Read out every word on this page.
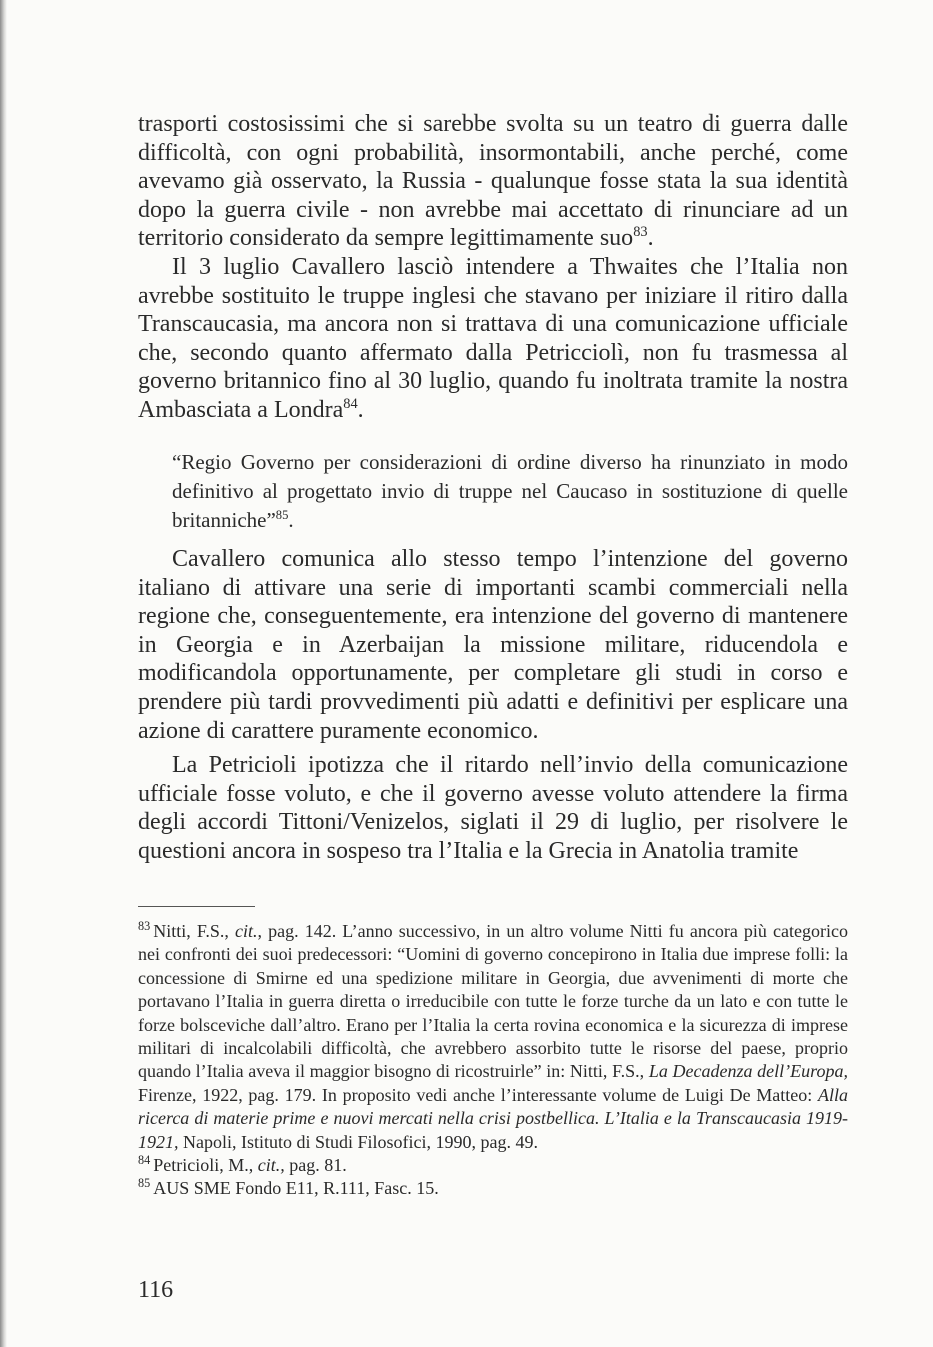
trasporti costosissimi che si sarebbe svolta su un teatro di guerra dalle difficoltà, con ogni probabilità, insormontabili, anche perché, come avevamo già osservato, la Russia - qualunque fosse stata la sua identità dopo la guerra civile - non avrebbe mai accettato di rinunciare ad un territorio considerato da sempre legittimamente suo$^{83}$.

Il 3 luglio Cavallero lasciò intendere a Thwaites che l’Italia non avrebbe sostituito le truppe inglesi che stavano per iniziare il ritiro dalla Transcaucasia, ma ancora non si trattava di una comunicazione ufficiale che, secondo quanto affermato dalla Petricciolì, non fu trasmessa al governo britannico fino al 30 luglio, quando fu inoltrata tramite la nostra Ambasciata a Londra$^{84}$.

“Regio Governo per considerazioni di ordine diverso ha rinunziato in modo definitivo al progettato invio di truppe nel Caucaso in sostituzione di quelle britanniche”$^{85}$.

Cavallero comunica allo stesso tempo l’intenzione del governo italiano di attivare una serie di importanti scambi commerciali nella regione che, conseguentemente, era intenzione del governo di mantenere in Georgia e in Azerbaijan la missione militare, riducendola e modificandola opportunamente, per completare gli studi in corso e prendere più tardi provvedimenti più adatti e definitivi per esplicare una azione di carattere puramente economico.

La Petricioli ipotizza che il ritardo nell’invio della comunicazione ufficiale fosse voluto, e che il governo avesse voluto attendere la firma degli accordi Tittoni/Venizelos, siglati il 29 di luglio, per risolvere le questioni ancora in sospeso tra l’Italia e la Grecia in Anatolia tramite

$^{83}$ Nitti, F.S., cit., pag. 142. L’anno successivo, in un altro volume Nitti fu ancora più categorico nei confronti dei suoi predecessori: “Uomini di governo concepirono in Italia due imprese folli: la concessione di Smirne ed una spedizione militare in Georgia, due avvenimenti di morte che portavano l’Italia in guerra diretta o irreducibile con tutte le forze turche da un lato e con tutte le forze bolsceviche dall’altro. Erano per l’Italia la certa rovina economica e la sicurezza di imprese militari di incalcolabili difficoltà, che avrebbero assorbito tutte le risorse del paese, proprio quando l’Italia aveva il maggior bisogno di ricostruirle” in: Nitti, F.S., La Decadenza dell’Europa, Firenze, 1922, pag. 179. In proposito vedi anche l’interessante volume de Luigi De Matteo: Alla ricerca di materie prime e nuovi mercati nella crisi postbellica. L’Italia e la Transcaucasia 1919-1921, Napoli, Istituto di Studi Filosofici, 1990, pag. 49.

$^{84}$ Petricioli, M., cit., pag. 81.

$^{85}$ AUS SME Fondo E11, R.111, Fasc. 15.

116
